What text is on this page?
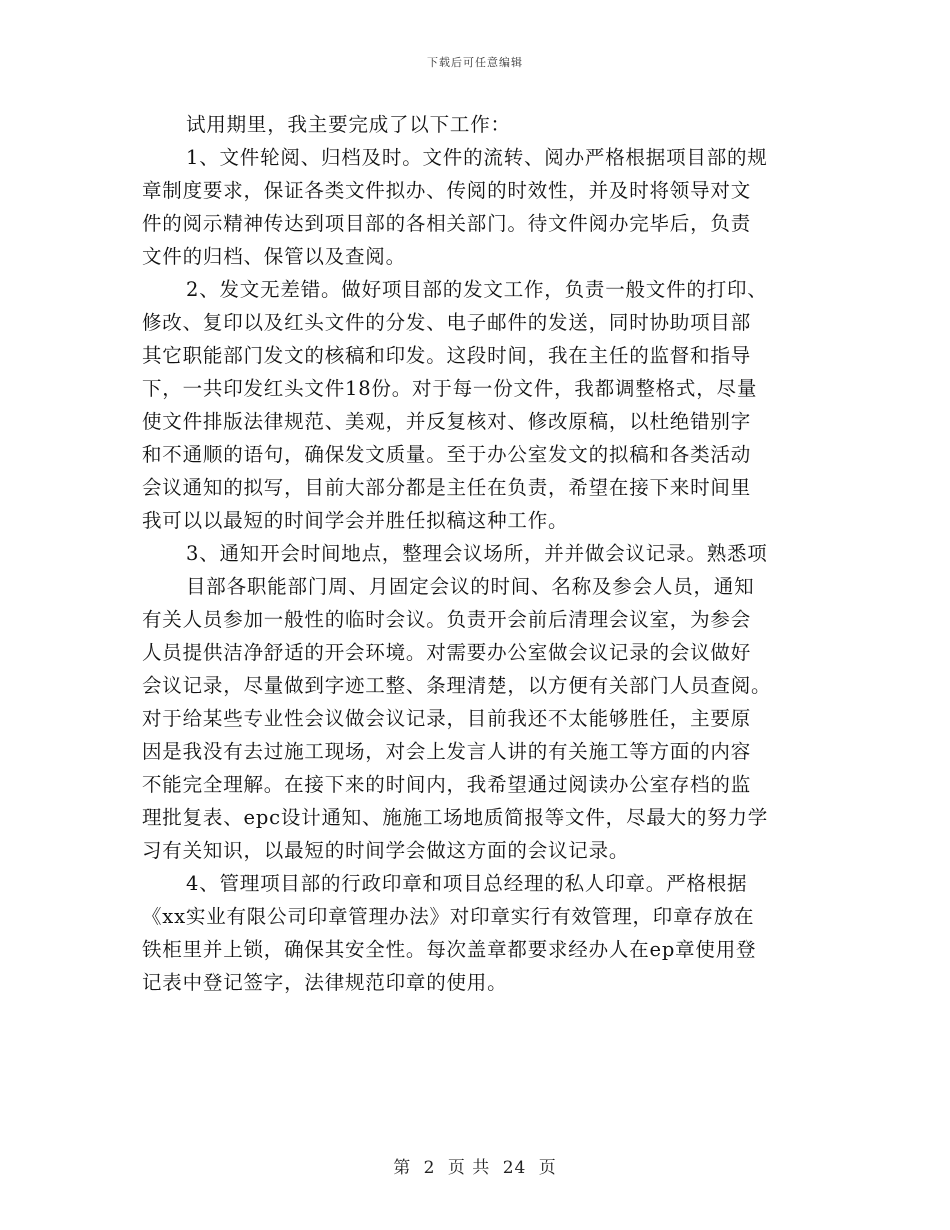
下载后可任意编辑
试用期里，我主要完成了以下工作：
1、文件轮阅、归档及时。文件的流转、阅办严格根据项目部的规
章制度要求，保证各类文件拟办、传阅的时效性，并及时将领导对文
件的阅示精神传达到项目部的各相关部门。待文件阅办完毕后，负责
文件的归档、保管以及查阅。
2、发文无差错。做好项目部的发文工作，负责一般文件的打印、
修改、复印以及红头文件的分发、电子邮件的发送，同时协助项目部
其它职能部门发文的核稿和印发。这段时间，我在主任的监督和指导
下，一共印发红头文件18份。对于每一份文件，我都调整格式，尽量
使文件排版法律规范、美观，并反复核对、修改原稿，以杜绝错别字
和不通顺的语句，确保发文质量。至于办公室发文的拟稿和各类活动
会议通知的拟写，目前大部分都是主任在负责，希望在接下来时间里
我可以以最短的时间学会并胜任拟稿这种工作。
3、通知开会时间地点，整理会议场所，并并做会议记录。熟悉项
目部各职能部门周、月固定会议的时间、名称及参会人员，通知
有关人员参加一般性的临时会议。负责开会前后清理会议室，为参会
人员提供洁净舒适的开会环境。对需要办公室做会议记录的会议做好
会议记录，尽量做到字迹工整、条理清楚，以方便有关部门人员查阅。
对于给某些专业性会议做会议记录，目前我还不太能够胜任，主要原
因是我没有去过施工现场，对会上发言人讲的有关施工等方面的内容
不能完全理解。在接下来的时间内，我希望通过阅读办公室存档的监
理批复表、epc设计通知、施施工场地质简报等文件，尽最大的努力学
习有关知识，以最短的时间学会做这方面的会议记录。
4、管理项目部的行政印章和项目总经理的私人印章。严格根据
《xx实业有限公司印章管理办法》对印章实行有效管理，印章存放在
铁柜里并上锁，确保其安全性。每次盖章都要求经办人在ep章使用登
记表中登记签字，法律规范印章的使用。
第 2 页 共 24 页
